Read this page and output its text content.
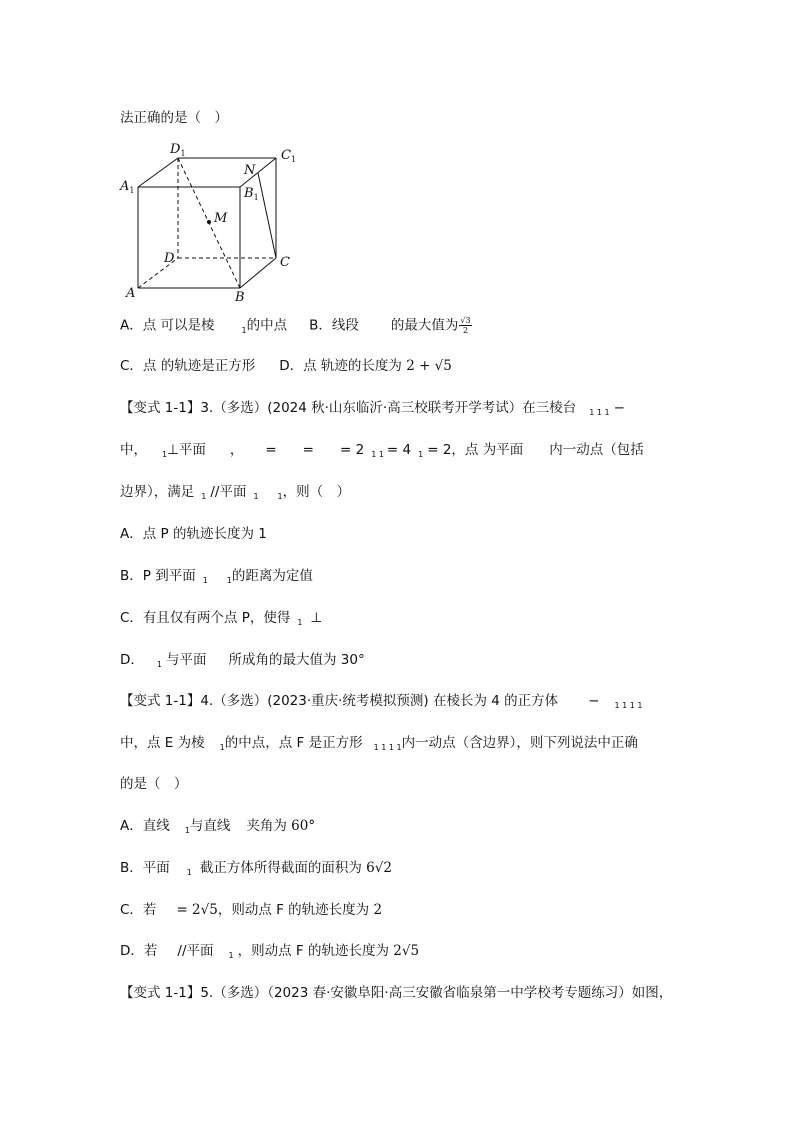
法正确的是（　）
$D_1$	$C_1$
N
$A_1$	$B_1$
M
D	C
A	B
A．点 可以是棱	$_1$的中点 B．线段 的最大值为 $\frac{√3}{2}$
C．点 的轨迹是正方形 D．点 轨迹的长度为 2 + √5
【变式 1-1】3.（多选）(2024 秋·山东临沂·高三校联考开学考试）在三棱台 $_{1 1 1}$ −
中， $_1$⊥平面 ， = = = 2 $_{1 1}$ = 4 $_1$ = 2，点 为平面 内一动点（包括
边界），满足 $_1$ //平面 $_1$ $_1$，则（　）
A．点 P 的轨迹长度为 1
B．P 到平面 $_1$ $_1$的距离为定值
C．有且仅有两个点 P，使得 $_1$ ⊥
D． $_1$ 与平面 所成角的最大值为 30°
【变式 1-1】4.（多选）(2023·重庆·统考模拟预测) 在棱长为 4 的正方体 − $_{1 1 1 1}$
中，点 E 为棱 $_1$的中点，点 F 是正方形 $_{1 1 1 1}$内一动点（含边界），则下列说法中正确
的是（　）
A．直线 $_1$与直线 夹角为 60°
B．平面 $_1$ 截正方体所得截面的面积为 6√2
C．若 = 2√5，则动点 F 的轨迹长度为 2
D．若 //平面 $_1$ ，则动点 F 的轨迹长度为 2√5
【变式 1-1】5.（多选）（2023 春·安徽阜阳·高三安徽省临泉第一中学校考专题练习）如图，
